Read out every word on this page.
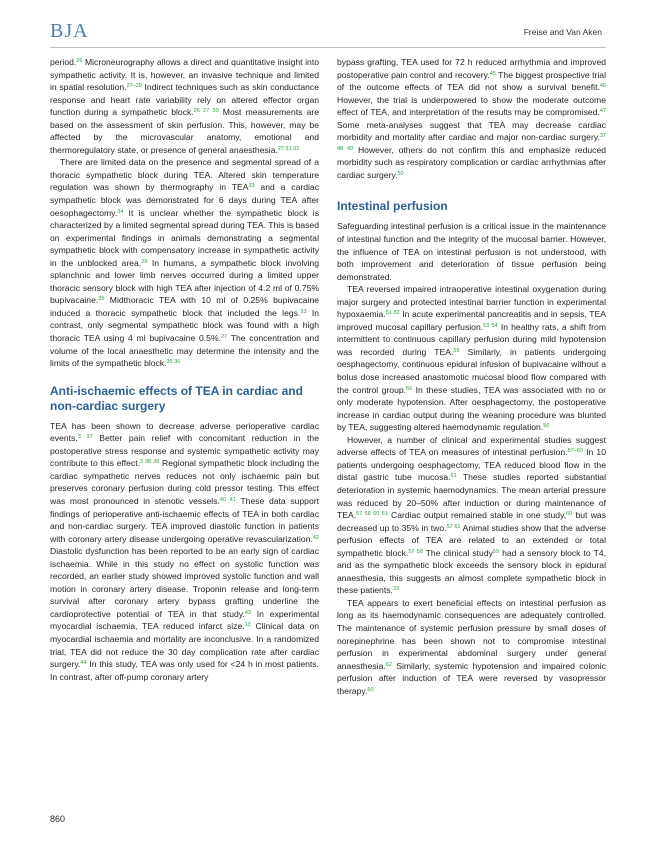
BJA	Freise and Van Aken

period.$^{26}$ Microneurography allows a direct and quantitative insight into sympathetic activity. It is, however, an invasive technique and limited in spatial resolution.$^{27-29}$ Indirect techniques such as skin conductance response and heart rate variability rely on altered effector organ function during a sympathetic block.$^{26 27 30}$ Most measurements are based on the assessment of skin perfusion. This, however, may be affected by the microvascular anatomy, emotional and thermoregulatory state, or presence of general anaesthesia.$^{27 31 32}$

There are limited data on the presence and segmental spread of a thoracic sympathetic block during TEA. Altered skin temperature regulation was shown by thermography in TEA$^{33}$ and a cardiac sympathetic block was demonstrated for 6 days during TEA after oesophagectomy.$^{34}$ It is unclear whether the sympathetic block is characterized by a limited segmental spread during TEA. This is based on experimental findings in animals demonstrating a segmental sympathetic block with compensatory increase in sympathetic activity in the unblocked area.$^{29}$ In humans, a sympathetic block involving splanchnic and lower limb nerves occurred during a limited upper thoracic sensory block with high TEA after injection of 4.2 ml of 0.75% bupivacaine.$^{35}$ Midthoracic TEA with 10 ml of 0.25% bupivacaine induced a thoracic sympathetic block that included the legs.$^{33}$ In contrast, only segmental sympathetic block was found with a high thoracic TEA using 4 ml bupivacaine 0.5%.$^{27}$ The concentration and volume of the local anaesthetic may determine the intensity and the limits of the sympathetic block.$^{35 36}$

Anti-ischaemic effects of TEA in cardiac and non-cardiac surgery

TEA has been shown to decrease adverse perioperative cardiac events.$^{3 37}$ Better pain relief with concomitant reduction in the postoperative stress response and systemic sympathetic activity may contribute to this effect.$^{3 38 39}$ Regional sympathetic block including the cardiac sympathetic nerves reduces not only ischaemic pain but preserves coronary perfusion during cold pressor testing. This effect was most pronounced in stenotic vessels.$^{40 41}$ These data support findings of perioperative anti-ischaemic effects of TEA in both cardiac and non-cardiac surgery. TEA improved diastolic function in patients with coronary artery disease undergoing operative revascularization.$^{42}$ Diastolic dysfunction has been reported to be an early sign of cardiac ischaemia. While in this study no effect on systolic function was recorded, an earlier study showed improved systolic function and wall motion in coronary artery disease. Troponin release and long-term survival after coronary artery bypass grafting underline the cardioprotective potential of TEA in that study.$^{43}$ In experimental myocardial ischaemia, TEA reduced infarct size.$^{13}$ Clinical data on myocardial ischaemia and mortality are inconclusive. In a randomized trial, TEA did not reduce the 30 day complication rate after cardiac surgery.$^{44}$ In this study, TEA was only used for <24 h in most patients. In contrast, after off-pump coronary artery

bypass grafting, TEA used for 72 h reduced arrhythmia and improved postoperative pain control and recovery.$^{45}$ The biggest prospective trial of the outcome effects of TEA did not show a survival benefit.$^{46}$ However, the trial is underpowered to show the moderate outcome effect of TEA, and interpretation of the results may be compromised.$^{47}$ Some meta-analyses suggest that TEA may decrease cardiac morbidity and mortality after cardiac and major non-cardiac surgery.$^{37 48 49}$ However, others do not confirm this and emphasize reduced morbidity such as respiratory complication or cardiac arrhythmias after cardiac surgery.$^{50}$

Intestinal perfusion

Safeguarding intestinal perfusion is a critical issue in the maintenance of intestinal function and the integrity of the mucosal barrier. However, the influence of TEA on intestinal perfusion is not understood, with both improvement and deterioration of tissue perfusion being demonstrated.

TEA reversed impaired intraoperative intestinal oxygenation during major surgery and protected intestinal barrier function in experimental hypoxaemia.$^{51 52}$ In acute experimental pancreatitis and in sepsis, TEA improved mucosal capillary perfusion.$^{53 54}$ In healthy rats, a shift from intermittent to continuous capillary perfusion during mild hypotension was recorded during TEA.$^{55}$ Similarly, in patients undergoing oesphagectomy, continuous epidural infusion of bupivacaine without a bolus dose increased anastomotic mucosal blood flow compared with the control group.$^{56}$ In these studies, TEA was associated with no or only moderate hypotension. After oesphagectomy, the postoperative increase in cardiac output during the weaning procedure was blunted by TEA, suggesting altered haemodynamic regulation.$^{56}$

However, a number of clinical and experimental studies suggest adverse effects of TEA on measures of intestinal perfusion.$^{57-60}$ In 10 patients undergoing oesphagectomy, TEA reduced blood flow in the distal gastric tube mucosa.$^{61}$ These studies reported substantial deterioration in systemic haemodynamics. The mean arterial pressure was reduced by 20–50% after induction or during maintenance of TEA.$^{57 58 60 61}$ Cardiac output remained stable in one study,$^{60}$ but was decreased up to 35% in two.$^{57 61}$ Animal studies show that the adverse perfusion effects of TEA are related to an extended or total sympathetic block.$^{57 58}$ The clinical study$^{59}$ had a sensory block to T4, and as the sympathetic block exceeds the sensory block in epidural anaesthesia, this suggests an almost complete sympathetic block in these patients.$^{33}$

TEA appears to exert beneficial effects on intestinal perfusion as long as its haemodynamic consequences are adequately controlled. The maintenance of systemic perfusion pressure by small doses of norepinephrine has been shown not to compromise intestinal perfusion in experimental abdominal surgery under general anaesthesia.$^{62}$ Similarly, systemic hypotension and impaired colonic perfusion after induction of TEA were reversed by vasopressor therapy.$^{60}$

860
